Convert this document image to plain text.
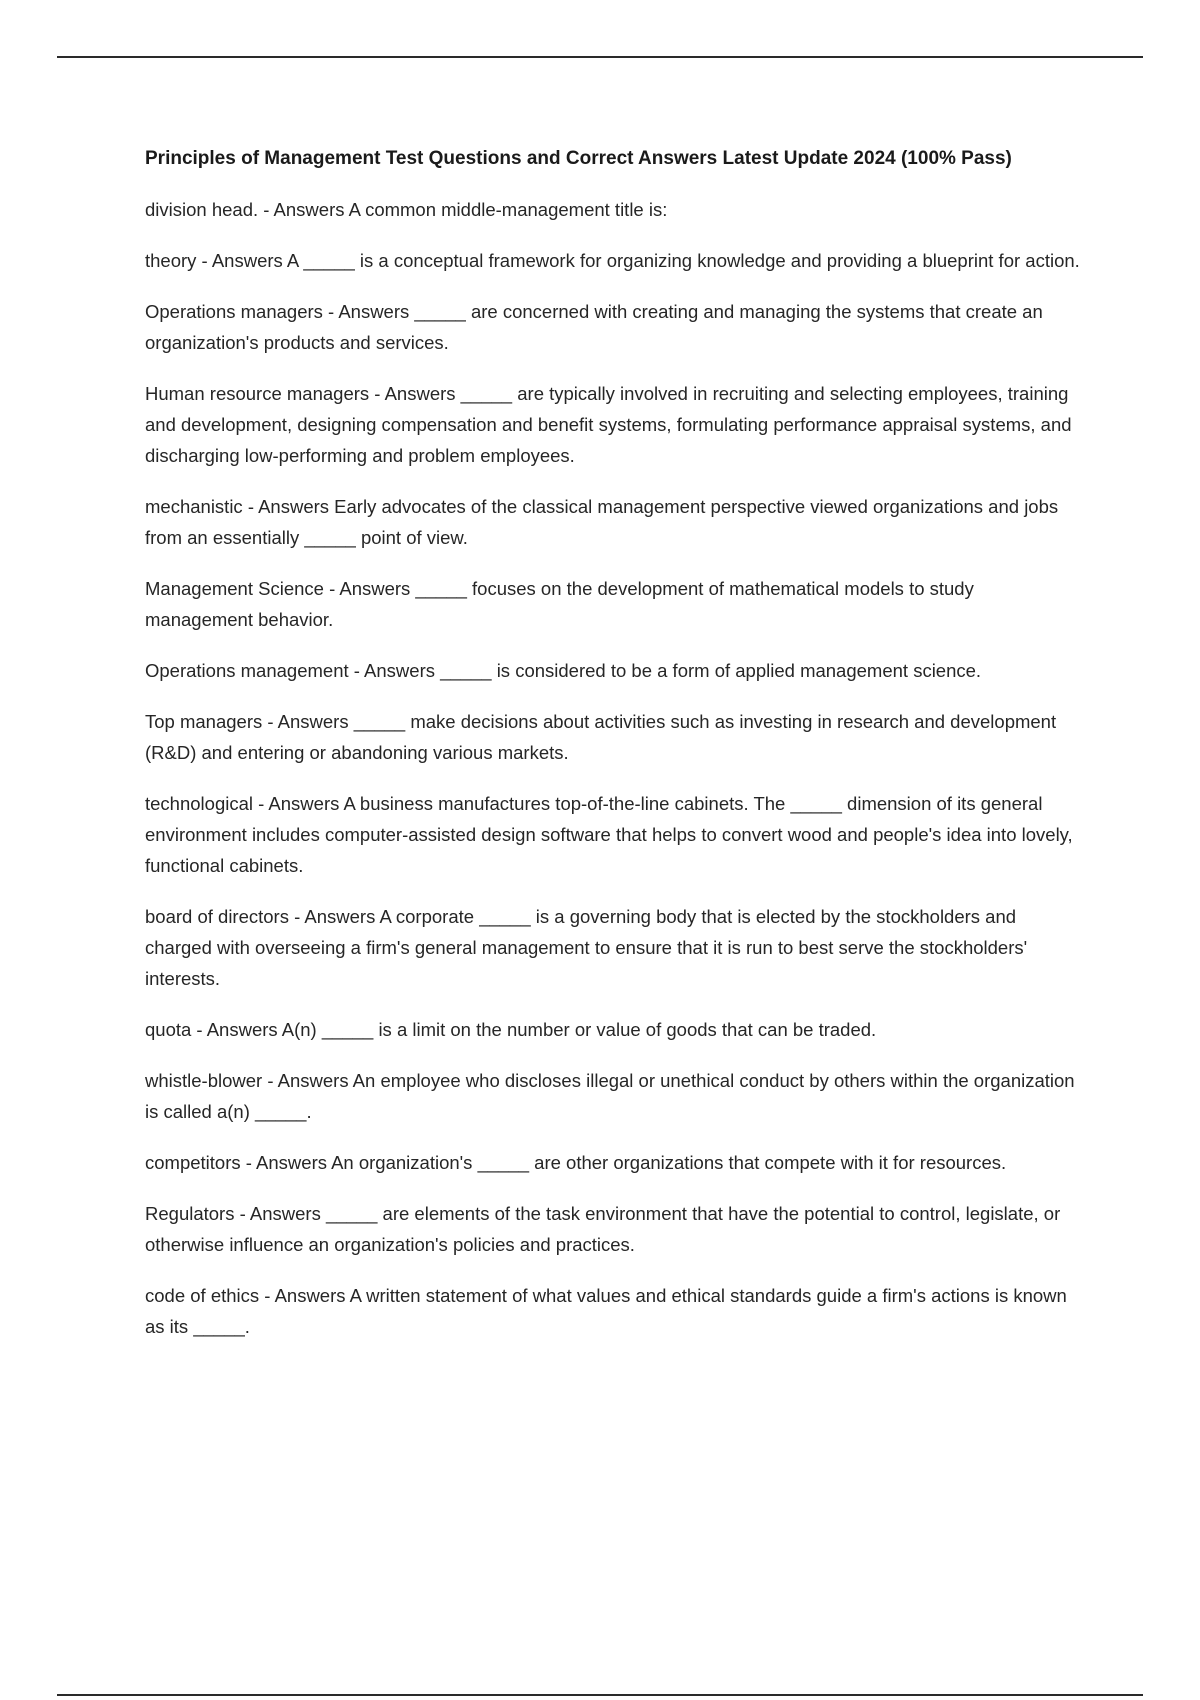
Principles of Management Test Questions and Correct Answers Latest Update 2024 (100% Pass)

division head. - Answers A common middle-management title is:

theory - Answers A _____ is a conceptual framework for organizing knowledge and providing a blueprint for action.

Operations managers - Answers _____ are concerned with creating and managing the systems that create an organization's products and services.

Human resource managers - Answers _____ are typically involved in recruiting and selecting employees, training and development, designing compensation and benefit systems, formulating performance appraisal systems, and discharging low-performing and problem employees.

mechanistic - Answers Early advocates of the classical management perspective viewed organizations and jobs from an essentially _____ point of view.

Management Science - Answers _____ focuses on the development of mathematical models to study management behavior.

Operations management - Answers _____ is considered to be a form of applied management science.

Top managers - Answers _____ make decisions about activities such as investing in research and development (R&D) and entering or abandoning various markets.

technological - Answers A business manufactures top-of-the-line cabinets. The _____ dimension of its general environment includes computer-assisted design software that helps to convert wood and people's idea into lovely, functional cabinets.

board of directors - Answers A corporate _____ is a governing body that is elected by the stockholders and charged with overseeing a firm's general management to ensure that it is run to best serve the stockholders' interests.

quota - Answers A(n) _____ is a limit on the number or value of goods that can be traded.

whistle-blower - Answers An employee who discloses illegal or unethical conduct by others within the organization is called a(n) _____.

competitors - Answers An organization's _____ are other organizations that compete with it for resources.

Regulators - Answers _____ are elements of the task environment that have the potential to control, legislate, or otherwise influence an organization's policies and practices.

code of ethics - Answers A written statement of what values and ethical standards guide a firm's actions is known as its _____.
